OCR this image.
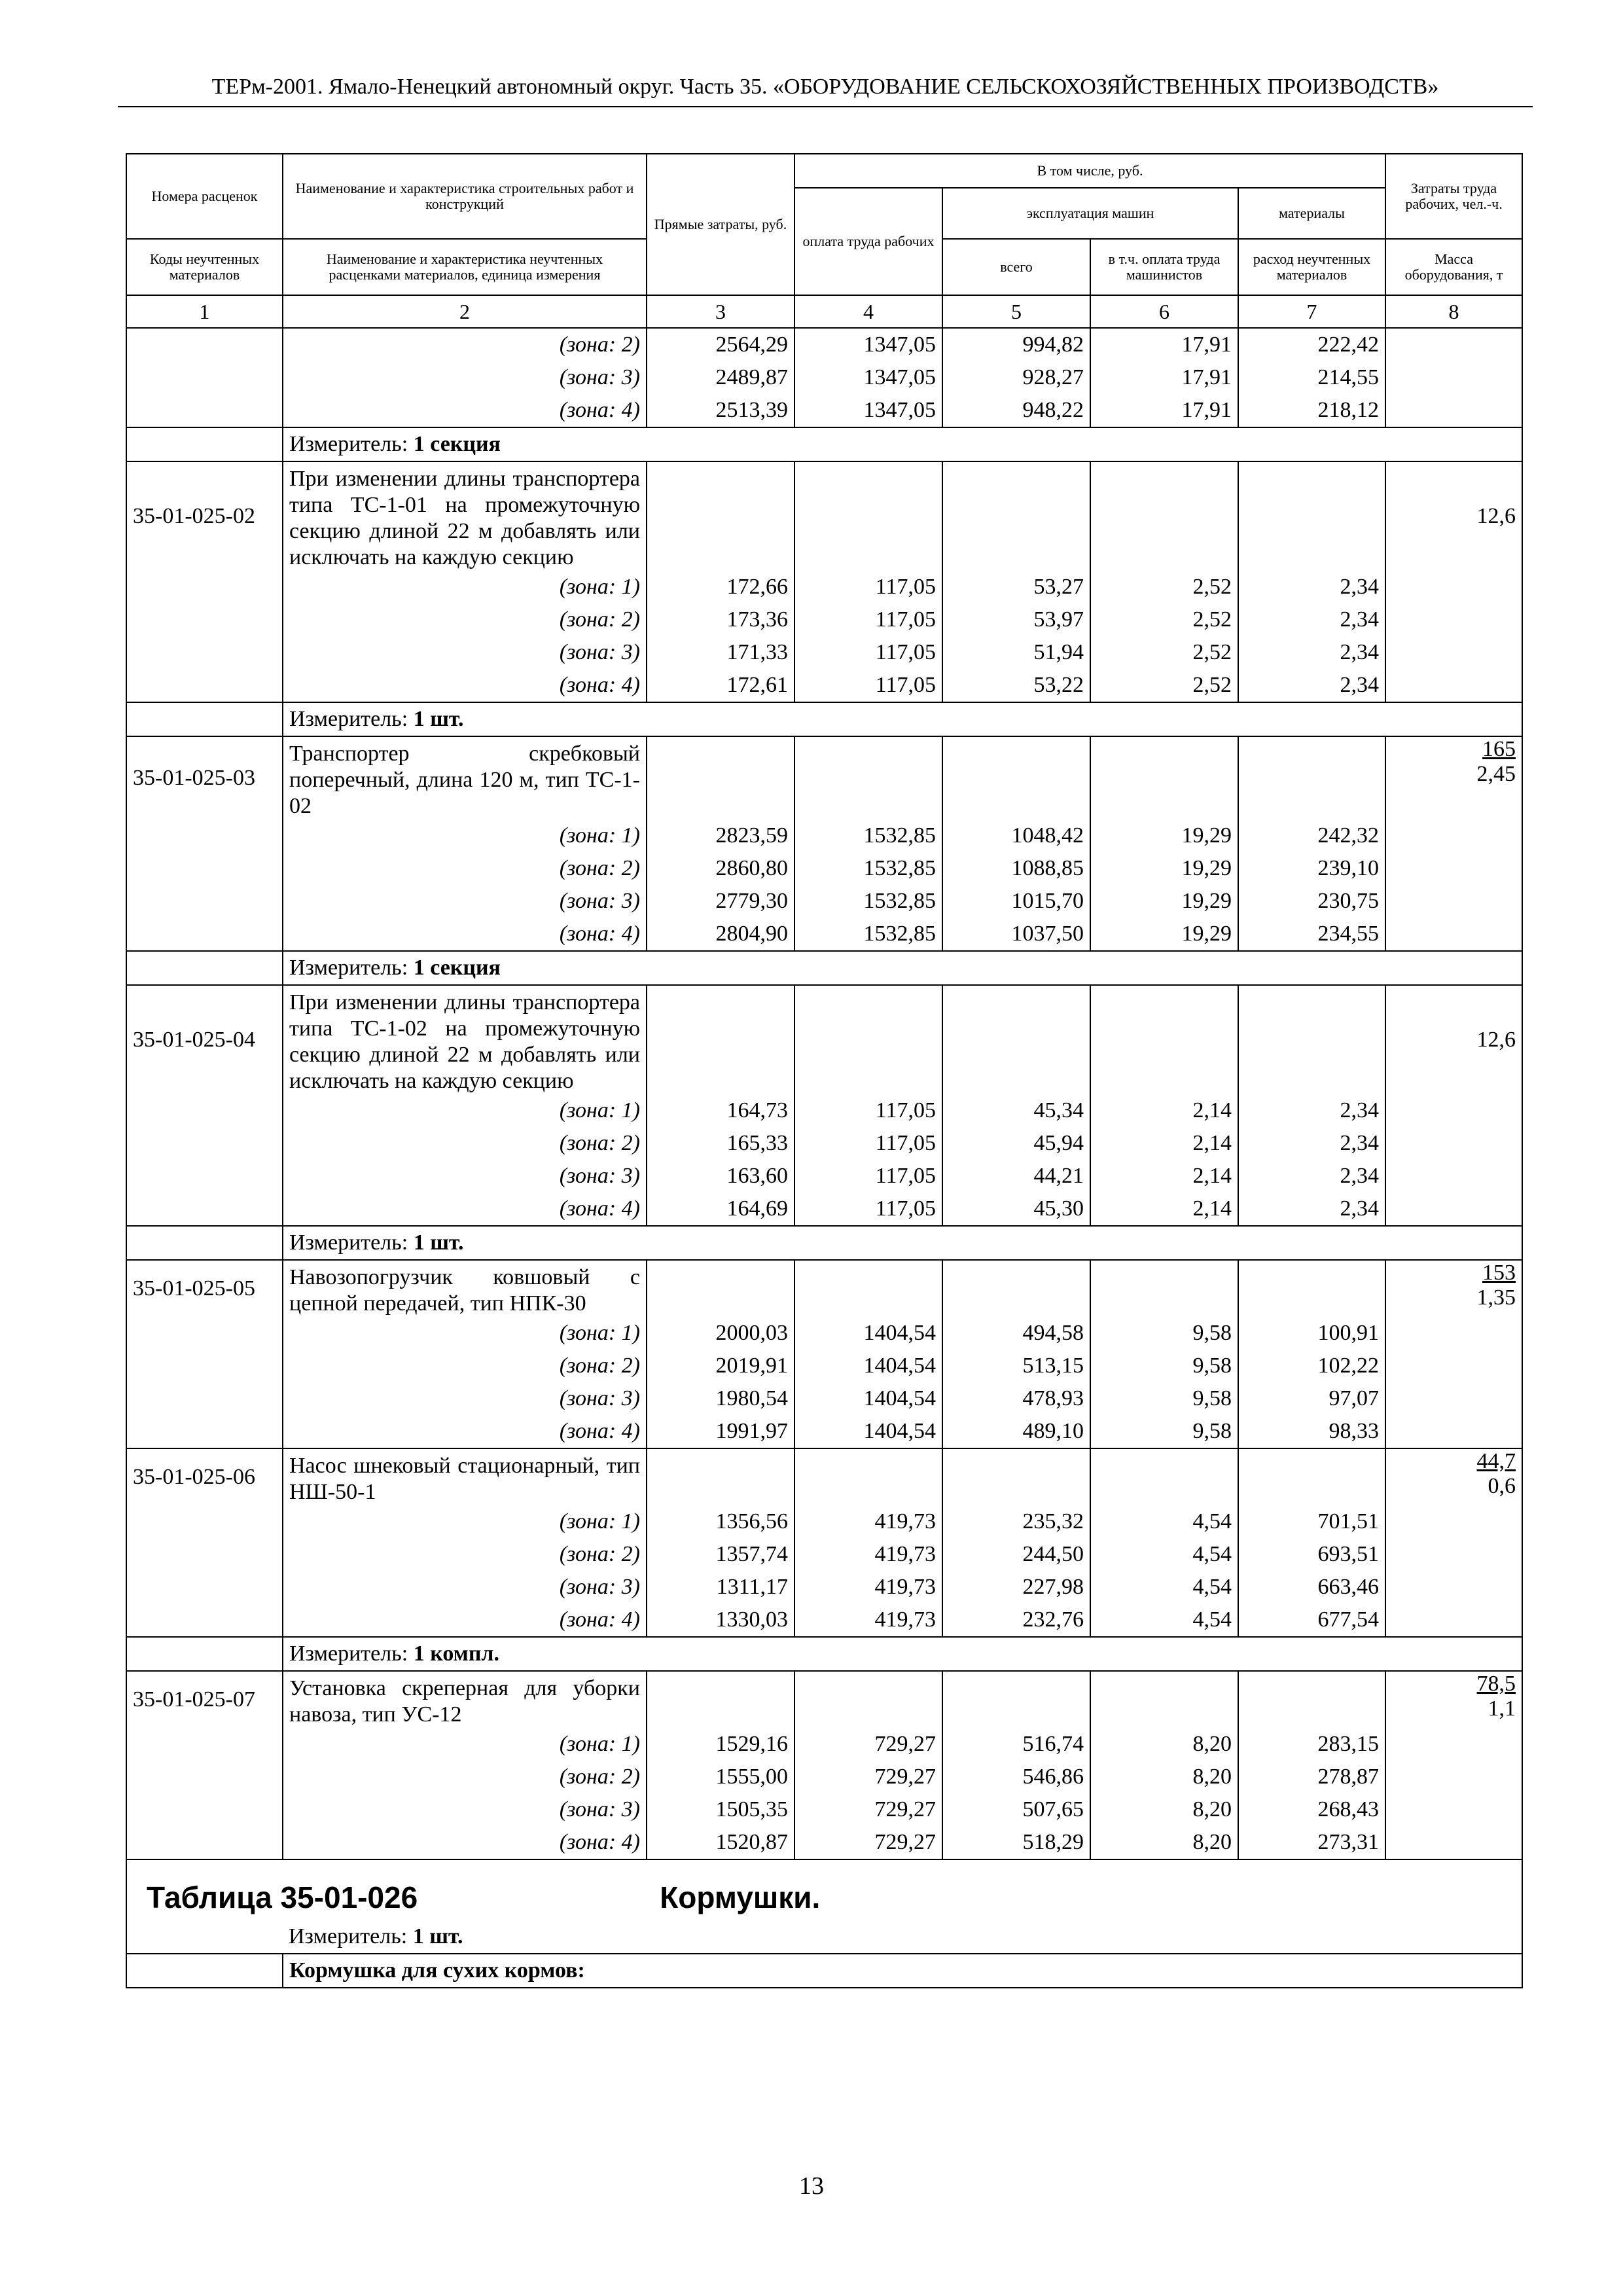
ТЕРм-2001. Ямало-Ненецкий автономный округ. Часть 35. «ОБОРУДОВАНИЕ СЕЛЬСКОХОЗЯЙСТВЕННЫХ ПРОИЗВОДСТВ»
Номера расценок	Наименование и характеристика строительных работ и конструкций	Прямые затраты, руб.	В том числе, руб.				Затраты труда рабочих, чел.-ч.
			оплата труда рабочих	эксплуатация машин		материалы	
Коды неучтенных материалов	Наименование и характеристика неучтенных расценками материалов, единица измерения			всего	в т.ч. оплата труда машинистов	расход неучтенных материалов	Масса оборудования, т
1	2	3	4	5	6	7	8
	(зона: 2)	2564,29	1347,05	994,82	17,91	222,42	
	(зона: 3)	2489,87	1347,05	928,27	17,91	214,55	
	(зона: 4)	2513,39	1347,05	948,22	17,91	218,12	
	Измеритель: 1 секция						
35-01-025-02	При изменении длины транспортера типа ТС-1-01 на промежуточную секцию длиной 22 м добавлять или исключать на каждую секцию						12,6
	(зона: 1)	172,66	117,05	53,27	2,52	2,34	
	(зона: 2)	173,36	117,05	53,97	2,52	2,34	
	(зона: 3)	171,33	117,05	51,94	2,52	2,34	
	(зона: 4)	172,61	117,05	53,22	2,52	2,34	
	Измеритель: 1 шт.						
35-01-025-03	Транспортер скребковый поперечный, длина 120 м, тип ТС-1-02						$\frac{165}{2,45}$

	(зона: 1)	2823,59	1532,85	1048,42	19,29	242,32	
	(зона: 2)	2860,80	1532,85	1088,85	19,29	239,10	
	(зона: 3)	2779,30	1532,85	1015,70	19,29	230,75	
	(зона: 4)	2804,90	1532,85	1037,50	19,29	234,55	
	Измеритель: 1 секция						
35-01-025-04	При изменении длины транспортера типа ТС-1-02 на промежуточную секцию длиной 22 м добавлять или исключать на каждую секцию						12,6
	(зона: 1)	164,73	117,05	45,34	2,14	2,34	
	(зона: 2)	165,33	117,05	45,94	2,14	2,34	
	(зона: 3)	163,60	117,05	44,21	2,14	2,34	
	(зона: 4)	164,69	117,05	45,30	2,14	2,34	
	Измеритель: 1 шт.						
35-01-025-05	Навозопогрузчик ковшовый с цепной передачей, тип НПК-30						$\frac{153}{1,35}$

	(зона: 1)	2000,03	1404,54	494,58	9,58	100,91	
	(зона: 2)	2019,91	1404,54	513,15	9,58	102,22	
	(зона: 3)	1980,54	1404,54	478,93	9,58	97,07	
	(зона: 4)	1991,97	1404,54	489,10	9,58	98,33	
35-01-025-06	Насос шнековый стационарный, тип НШ-50-1						$\frac{44,7}{0,6}$

	(зона: 1)	1356,56	419,73	235,32	4,54	701,51	
	(зона: 2)	1357,74	419,73	244,50	4,54	693,51	
	(зона: 3)	1311,17	419,73	227,98	4,54	663,46	
	(зона: 4)	1330,03	419,73	232,76	4,54	677,54	
	Измеритель: 1 компл.						
35-01-025-07	Установка скреперная для уборки навоза, тип УС-12						$\frac{78,5}{1,1}$

	(зона: 1)	1529,16	729,27	516,74	8,20	283,15	
	(зона: 2)	1555,00	729,27	546,86	8,20	278,87	
	(зона: 3)	1505,35	729,27	507,65	8,20	268,43	
	(зона: 4)	1520,87	729,27	518,29	8,20	273,31	
Таблица 35-01-026 Кормушки.							
	Измеритель: 1 шт.						
	Кормушка для сухих кормов:						
13
